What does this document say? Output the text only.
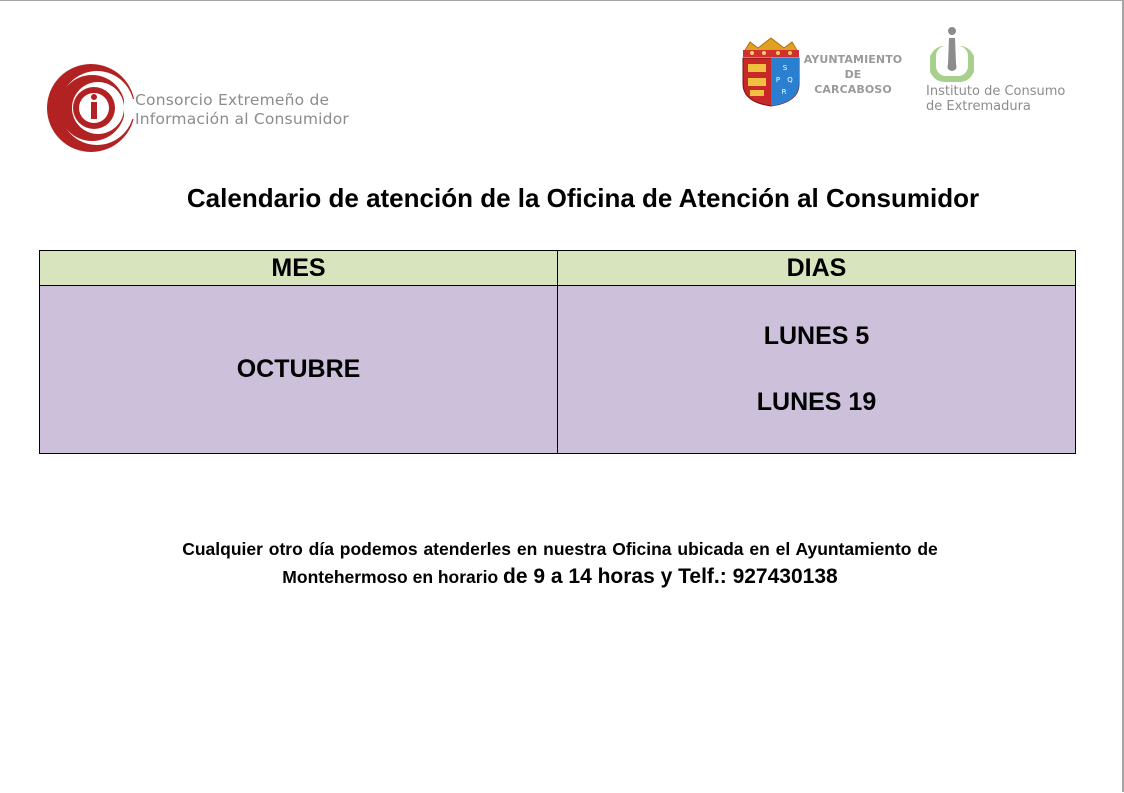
Consorcio Extremeño de
Información al Consumidor
S
P Q
R
AYUNTAMIENTO
DE
CARCABOSO	Instituto de Consumo
de Extremadura
Calendario de atención de la Oficina de Atención al Consumidor
MES	DIAS
OCTUBRE	LUNES 5
LUNES 19
Cualquier otro día podemos atenderles en nuestra Oficina ubicada en el Ayuntamiento de
Montehermoso en horario de 9 a 14 horas y Telf.: 927430138
